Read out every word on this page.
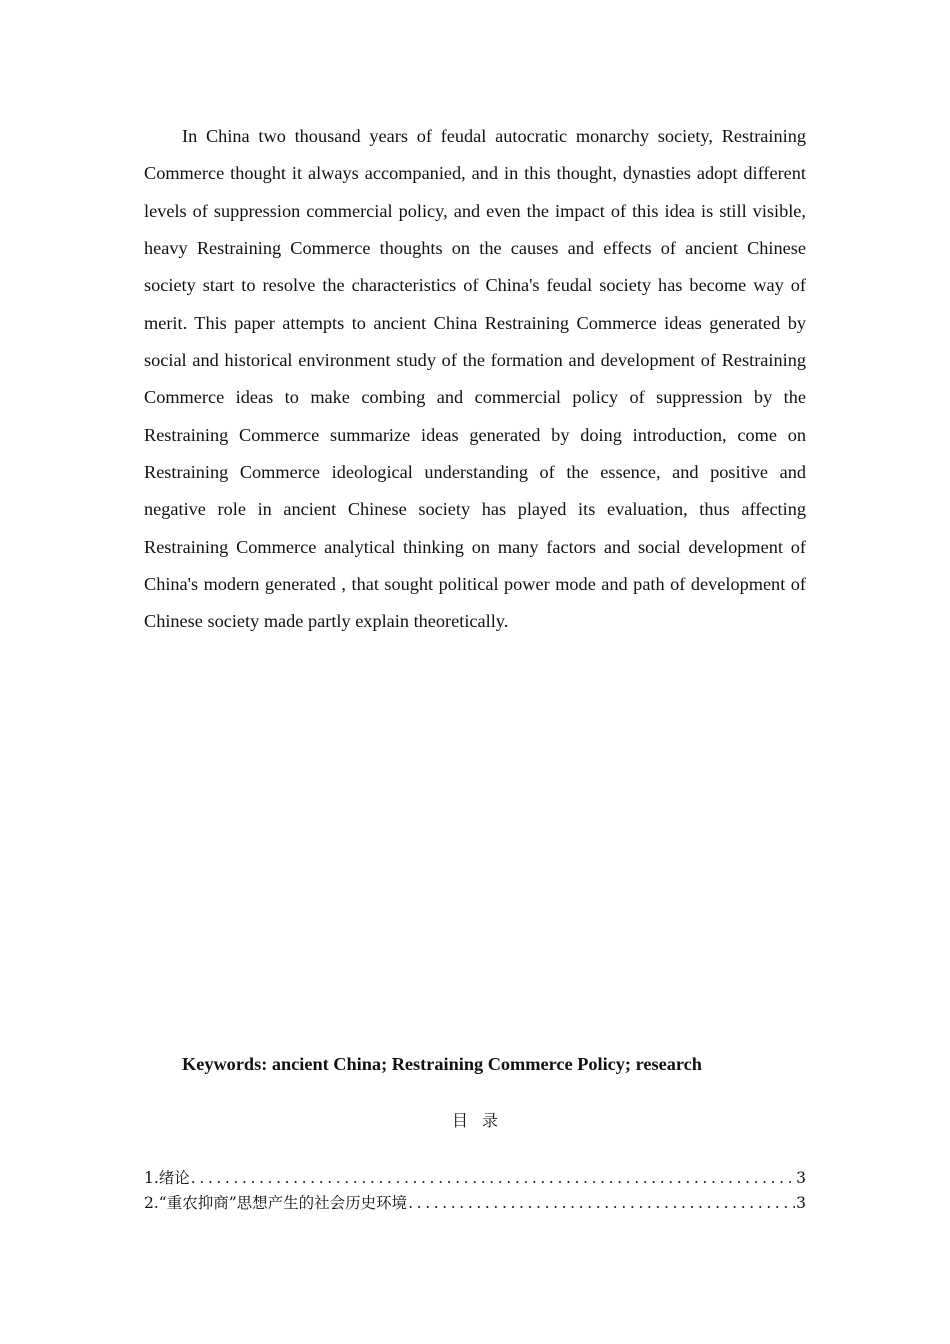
In China two thousand years of feudal autocratic monarchy society, Restraining Commerce thought it always accompanied, and in this thought, dynasties adopt different levels of suppression commercial policy, and even the impact of this idea is still visible, heavy Restraining Commerce thoughts on the causes and effects of ancient Chinese society start to resolve the characteristics of China's feudal society has become way of merit. This paper attempts to ancient China Restraining Commerce ideas generated by social and historical environment study of the formation and development of Restraining Commerce ideas to make combing and commercial policy of suppression by the Restraining Commerce summarize ideas generated by doing introduction, come on Restraining Commerce ideological understanding of the essence, and positive and negative role in ancient Chinese society has played its evaluation, thus affecting Restraining Commerce analytical thinking on many factors and social development of China's modern generated , that sought political power mode and path of development of Chinese society made partly explain theoretically.

Keywords: ancient China; Restraining Commerce Policy; research

目录
1.绪论 .....	3
2.“重农抑商”思想产生的社会历史环境 .....	3
